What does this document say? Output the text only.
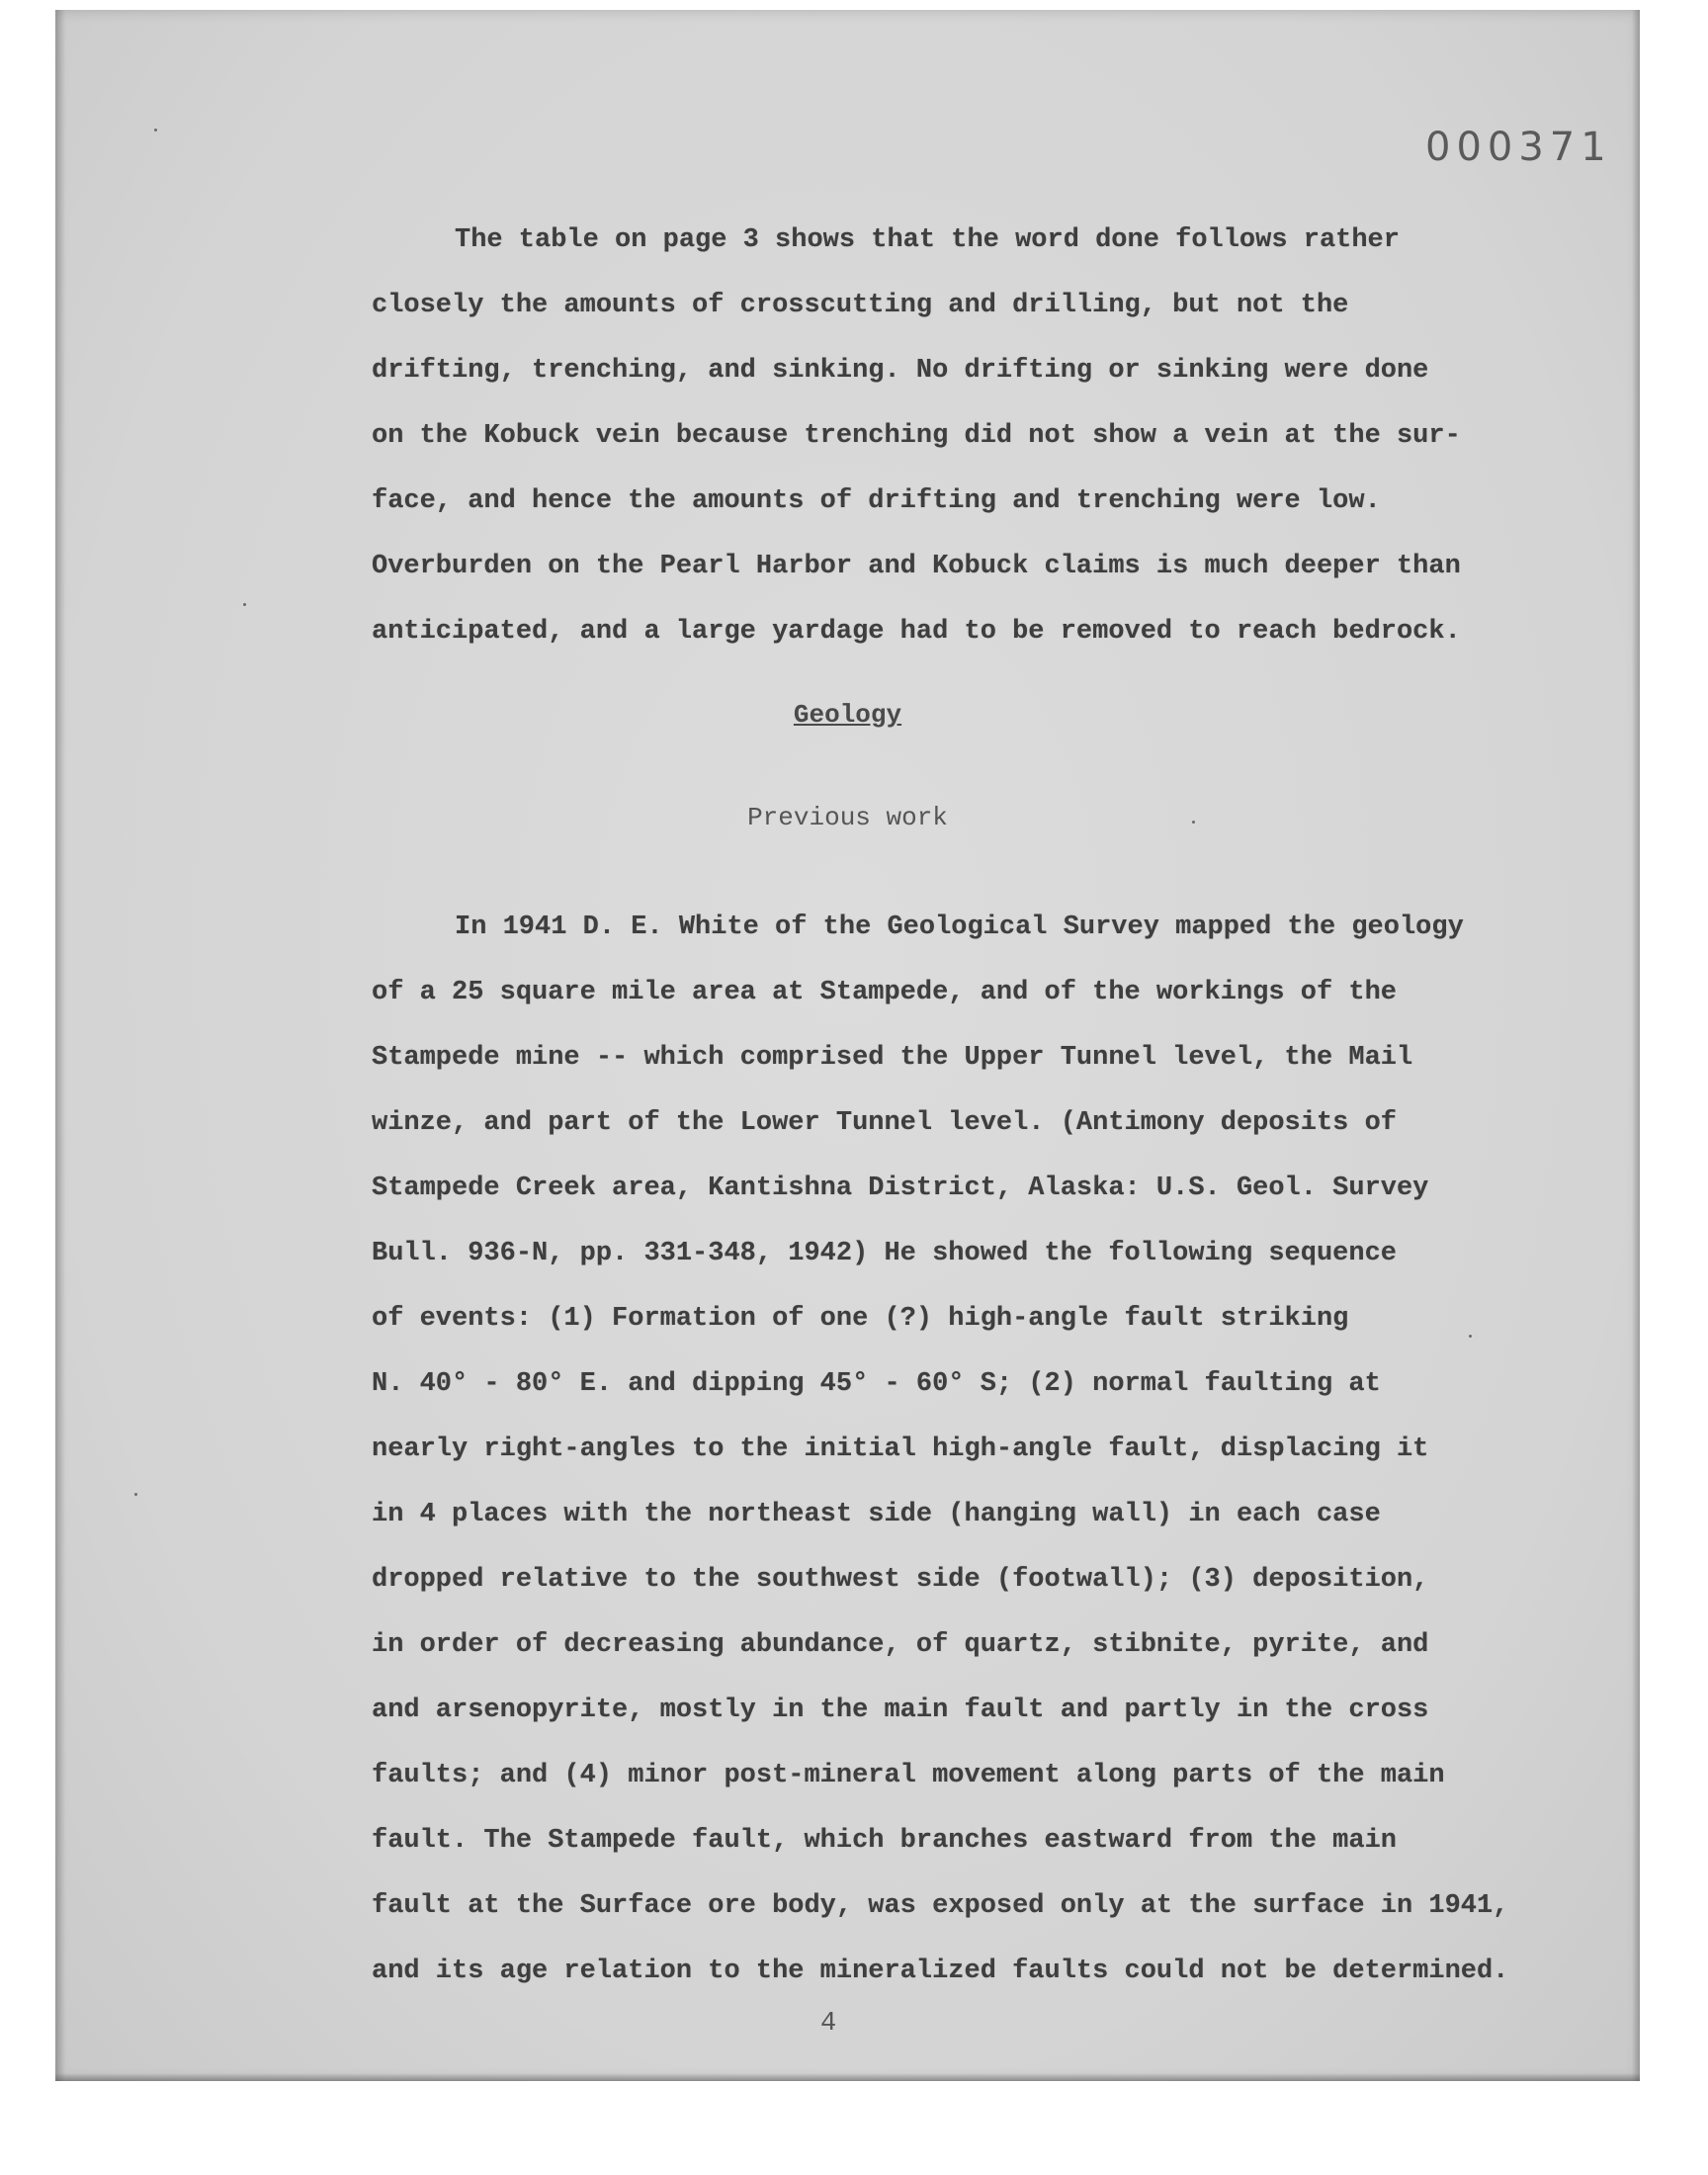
000371
The table on page 3 shows that the word done follows rather
closely the amounts of crosscutting and drilling, but not the
drifting, trenching, and sinking. No drifting or sinking were done
on the Kobuck vein because trenching did not show a vein at the sur-
face, and hence the amounts of drifting and trenching were low.
Overburden on the Pearl Harbor and Kobuck claims is much deeper than
anticipated, and a large yardage had to be removed to reach bedrock.
Geology
Previous work
In 1941 D. E. White of the Geological Survey mapped the geology
of a 25 square mile area at Stampede, and of the workings of the
Stampede mine -- which comprised the Upper Tunnel level, the Mail
winze, and part of the Lower Tunnel level. (Antimony deposits of
Stampede Creek area, Kantishna District, Alaska: U.S. Geol. Survey
Bull. 936-N, pp. 331-348, 1942) He showed the following sequence
of events: (1) Formation of one (?) high-angle fault striking
N. 40° - 80° E. and dipping 45° - 60° S; (2) normal faulting at
nearly right-angles to the initial high-angle fault, displacing it
in 4 places with the northeast side (hanging wall) in each case
dropped relative to the southwest side (footwall); (3) deposition,
in order of decreasing abundance, of quartz, stibnite, pyrite, and
and arsenopyrite, mostly in the main fault and partly in the cross
faults; and (4) minor post-mineral movement along parts of the main
fault. The Stampede fault, which branches eastward from the main
fault at the Surface ore body, was exposed only at the surface in 1941,
and its age relation to the mineralized faults could not be determined.
4
